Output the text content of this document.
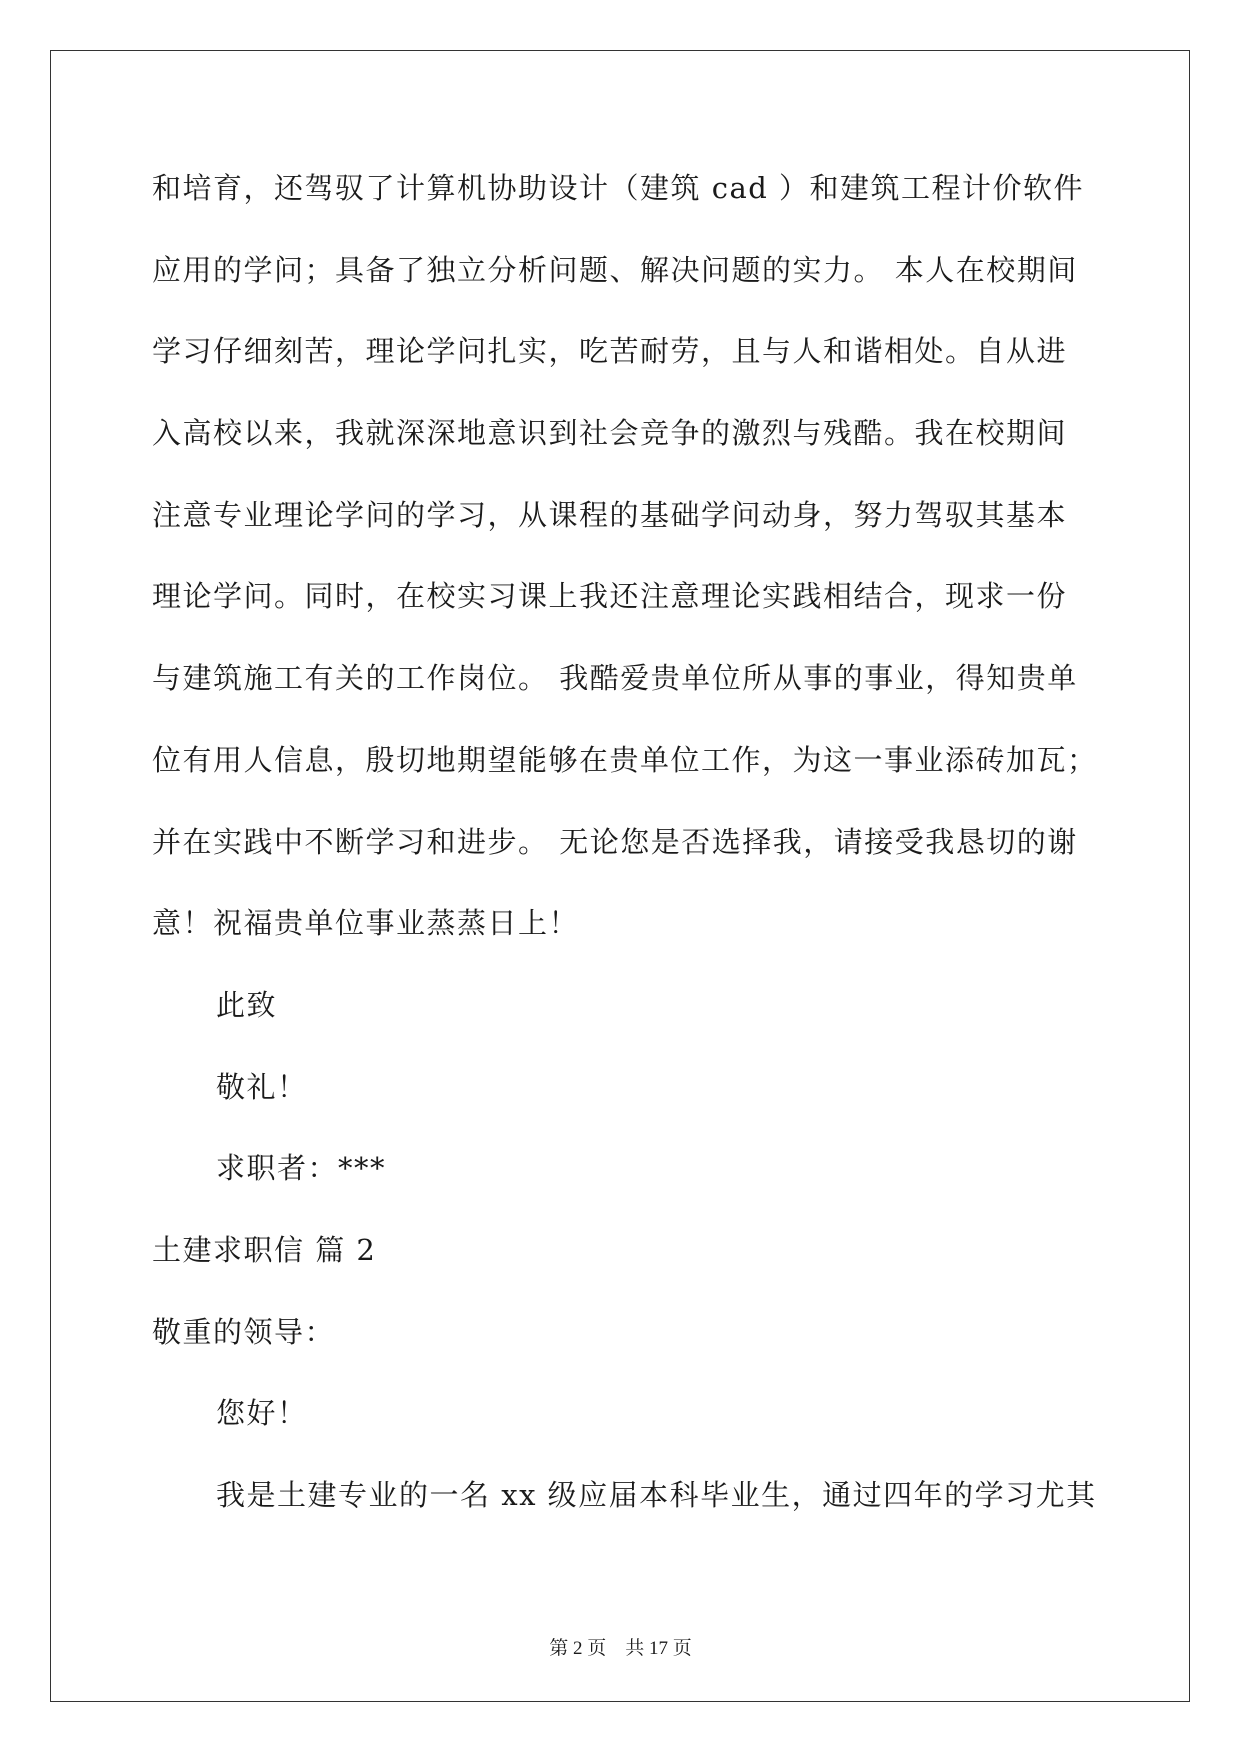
和培育，还驾驭了计算机协助设计（建筑 cad ）和建筑工程计价软件
应用的学问；具备了独立分析问题、解决问题的实力。 本人在校期间
学习仔细刻苦，理论学问扎实，吃苦耐劳，且与人和谐相处。自从进
入高校以来，我就深深地意识到社会竞争的激烈与残酷。我在校期间
注意专业理论学问的学习，从课程的基础学问动身，努力驾驭其基本
理论学问。同时，在校实习课上我还注意理论实践相结合，现求一份
与建筑施工有关的工作岗位。 我酷爱贵单位所从事的事业，得知贵单
位有用人信息，殷切地期望能够在贵单位工作，为这一事业添砖加瓦；
并在实践中不断学习和进步。 无论您是否选择我，请接受我恳切的谢
意！祝福贵单位事业蒸蒸日上！
此致
敬礼！
求职者：***
土建求职信 篇 2
敬重的领导：
您好！
我是土建专业的一名 xx 级应届本科毕业生，通过四年的学习尤其
第 2 页    共 17 页
